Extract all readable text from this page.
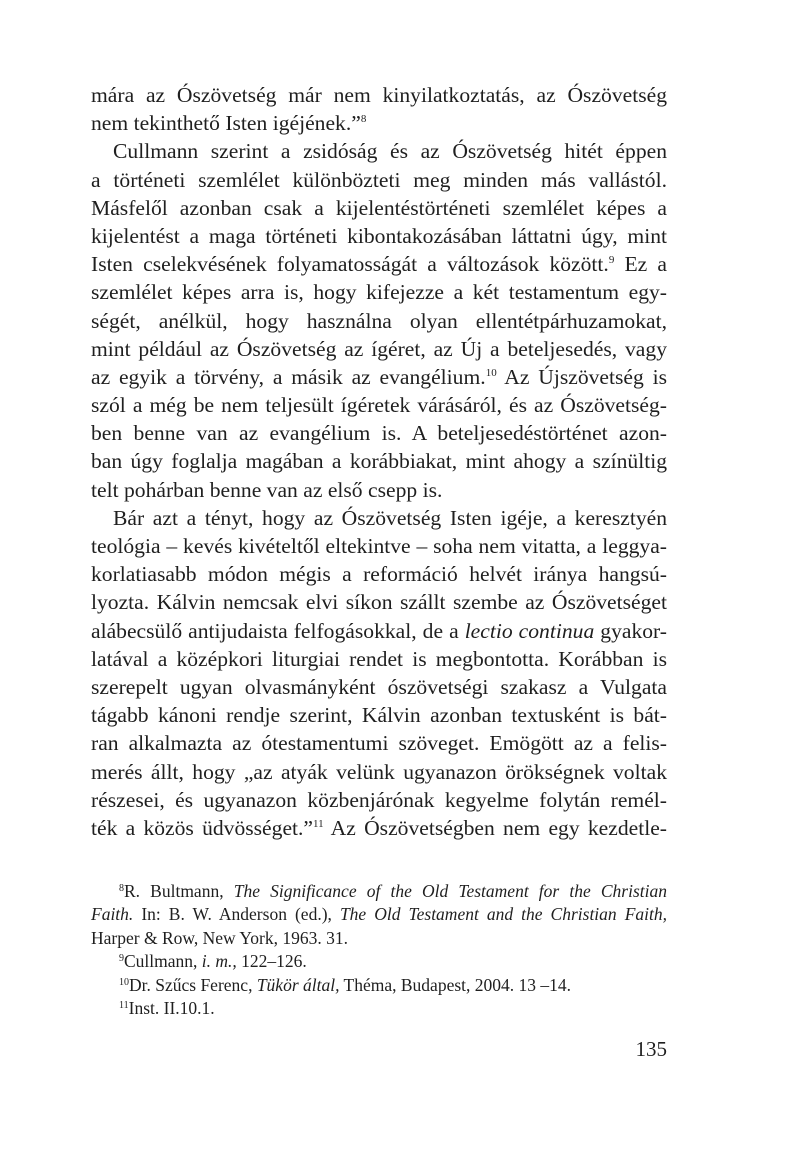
mára az Ószövetség már nem kinyilatkoztatás, az Ószövetség
nem tekinthető Isten igéjének.”$^8$
Cullmann szerint a zsidóság és az Ószövetség hitét éppen
a történeti szemlélet különbözteti meg minden más vallástól.
Másfelől azonban csak a kijelentéstörténeti szemlélet képes a
kijelentést a maga történeti kibontakozásában láttatni úgy, mint
Isten cselekvésének folyamatosságát a változások között.$^9$ Ez a
szemlélet képes arra is, hogy kifejezze a két testamentum egy-
ségét, anélkül, hogy használna olyan ellentétpárhuzamokat,
mint például az Ószövetség az ígéret, az Új a beteljesedés, vagy
az egyik a törvény, a másik az evangélium.$^{10}$ Az Újszövetség is
szól a még be nem teljesült ígéretek várásáról, és az Ószövetség-
ben benne van az evangélium is. A beteljesedéstörténet azon-
ban úgy foglalja magában a korábbiakat, mint ahogy a színültig
telt pohárban benne van az első csepp is.
Bár azt a tényt, hogy az Ószövetség Isten igéje, a keresztyén
teológia – kevés kivételtől eltekintve – soha nem vitatta, a leggya-
korlatiasabb módon mégis a reformáció helvét iránya hangsú-
lyozta. Kálvin nemcsak elvi síkon szállt szembe az Ószövetséget
alábecsülő antijudaista felfogásokkal, de a lectio continua gyakor-
latával a középkori liturgiai rendet is megbontotta. Korábban is
szerepelt ugyan olvasmányként ószövetségi szakasz a Vulgata
tágabb kánoni rendje szerint, Kálvin azonban textusként is bát-
ran alkalmazta az ótestamentumi szöveget. Emögött az a felis-
merés állt, hogy „az atyák velünk ugyanazon örökségnek voltak
részesei, és ugyanazon közbenjárónak kegyelme folytán remél-
ték a közös üdvösséget.”$^{11}$ Az Ószövetségben nem egy kezdetle-
$^8$R. Bultmann, The Significance of the Old Testament for the Christian
Faith. In: B. W. Anderson (ed.), The Old Testament and the Christian Faith,
Harper & Row, New York, 1963. 31.
$^9$Cullmann, i. m., 122–126.
$^{10}$Dr. Szűcs Ferenc, Tükör által, Théma, Budapest, 2004. 13 –14.
$^{11}$Inst. II.10.1.
135
